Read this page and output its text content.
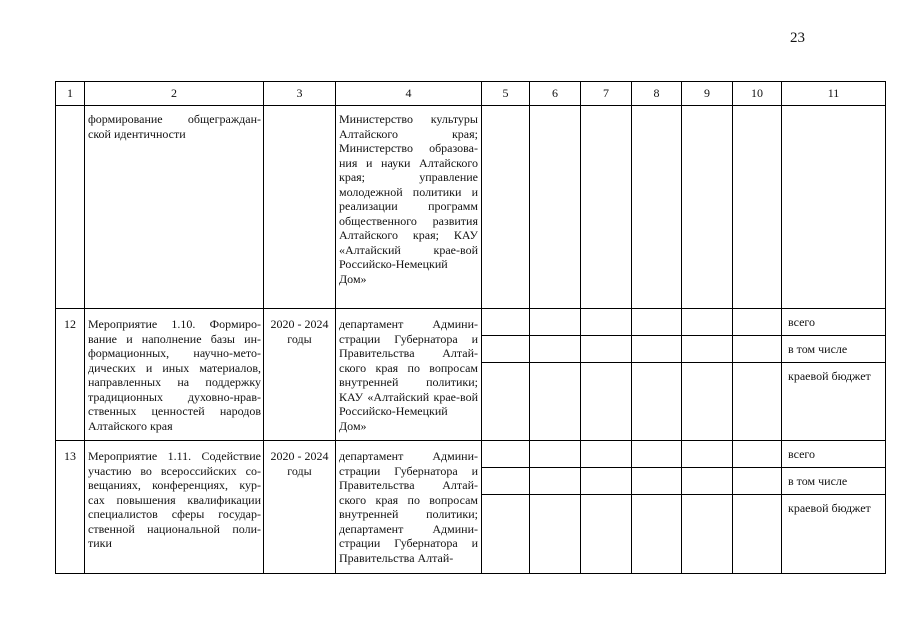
23
1	2	3	4	5	6	7	8	9	10	11

	формирование общеграждан-ской идентичности		Министерство культуры Алтайского края; Министерство образова-ния и науки Алтайского края; управление молодежной политики и реализации программ общественного развития Алтайского края; КАУ «Алтайский крае-вой Российско-Немецкий Дом»							

12	Мероприятие 1.10. Формиро-вание и наполнение базы ин-формационных, научно-мето-дических и иных материалов, направленных на поддержку традиционных духовно-нрав-ственных ценностей народов Алтайского края	2020 - 2024 годы	департамент Админи-страции Губернатора и Правительства Алтай-ского края по вопросам внутренней политики; КАУ «Алтайский крае-вой Российско-Немецкий Дом»							всего

										в том числе

										краевой бюджет

13	Мероприятие 1.11. Содействие участию во всероссийских со-вещаниях, конференциях, кур-сах повышения квалификации специалистов сферы государ-ственной национальной поли-тики	2020 - 2024 годы	департамент Админи-страции Губернатора и Правительства Алтай-ского края по вопросам внутренней политики; департамент Админи-страции Губернатора и Правительства Алтай-							всего

										в том числе

										краевой бюджет
